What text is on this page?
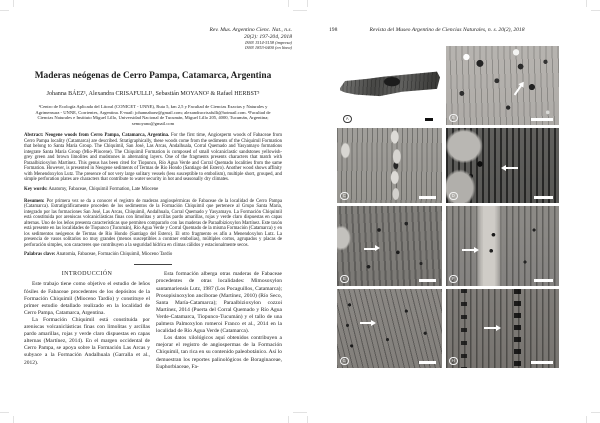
Rev. Mus. Argentino Cienc. Nat., n.s.
20(2): 197-204, 2018
ISSN 1514-5158 (impresa)
ISSN 1853-0400 (en línea)
Maderas neógenas de Cerro Pampa, Catamarca, Argentina
Johanna BÁEZ¹, Alexandra CRISAFULLI¹, Sebastián MOYANO² & Rafael HERBST³
¹Centro de Ecología Aplicada del Litoral (CONICET - UNNE), Ruta 5, km 2,5 y Facultad de Ciencias Exactas y Naturales y Agrimensura - UNNE, Corrientes, Argentina. E-mail: johannabaez@gmail.com; alexandracrisafulli@hotmail.com. ²Facultad de Ciencias Naturales e Instituto Miguel Lillo, Universidad Nacional de Tucumán, Miguel Lillo 205, 4000, Tucumán, Argentina; semoyano@gmail.com

Abstract: Neogene woods from Cerro Pampa, Catamarca, Argentina. For the first time, Angiosperm woods of Fabaceae from Cerro Pampa locality (Catamarca) are described. Stratigraphically, these woods come from the sediments of the Chiquimil Formation that belong to Santa María Group. The Chiquimil, San José, Las Arcas, Andalhuala, Corral Quemado and Yasyamayo formations integrate Santa María Group (Mio-Pliocene). The Chiquimil Formation is composed of small volcaniclastic sandstones yellowish-grey green and brown limolites and mudstones in alternating layers. One of the fragments presents characters that match with Paraalbizioxylon Martínez. This genus has been cited for Tiopunco, Río Agua Verde and Corral Quemado localities from the same Formation. However, is presented in Neogene sediments of Termas de Río Hondo (Santiago del Estero). Another wood shows affinity with Menendoxylon Lutz. The presence of not very large solitary vessels (less susceptible to embolism), multiple short, grouped, and simple perforation plates are characters that contribute to water security in hot and seasonally dry climates.

Key words: Anatomy, Fabaceae, Chiquimil Formation, Late Miocene

Resumen: Por primera vez se da a conocer el registro de maderas angiospérmicas de Fabaceae de la localidad de Cerro Pampa (Catamarca). Estratigráficamente proceden de los sedimentos de la Formación Chiquimil que pertenece al Grupo Santa María, integrado por las formaciones San José, Las Arcas, Chiquimil, Andalhuala, Corral Quemado y Yasyamayo. La Formación Chiquimil está constituida por areniscas volcaniclásticas finas con limolitas y arcillas pardo amarillas, rojas y verde claro dispuestas en capas alternas. Uno de los leños presenta características que permiten compararlo con las maderas de Paraalbizioxylon Martínez. Este taxón está presente en las localidades de Tiopunco (Tucumán), Río Agua Verde y Corral Quemado de la misma Formación (Catamarca) y en los sedimentos neógenos de Termas de Río Hondo (Santiago del Estero). El otro fragmento es afín a Menendoxylon Lutz. La presencia de vasos solitarios no muy grandes (menos susceptibles a contraer embolias), múltiples cortos, agrupados y placas de perforación simples, son caracteres que contribuyen a la seguridad hídrica en climas cálidos y estacionalmente secos.

Palabras clave: Anatomía, Fabaceae, Formación Chiquimil, Mioceno Tardío

INTRODUCCIÓN

Este trabajo tiene como objetivo el estudio de leños fósiles de Fabaceae procedentes de los depósitos de la Formación Chiquimil (Mioceno Tardío) y constituye el primer estudio detallado realizado en la localidad de Cerro Pampa, Catamarca, Argentina.

La Formación Chiquimil está constituida por areniscas volcaniclásticas finas con limolitas y arcillas pardo amarillas, rojas y verde claro dispuestas en capas alternas (Martínez, 2014). En el margen occidental de Cerro Pampa, se apoya sobre la Formación Las Arcas y subyace a la Formación Andalhuala (Garralla et al., 2012).

Esta formación alberga otras maderas de Fabaceae procedentes de otras localidades: Mimosoxylon santamariensis Lutz, 1987 (Los Pocaguillos, Catamarca); Prosopisinoxylon anciborae (Martínez, 2010) (Río Seco, Santa María-Catamarca); Paraalbizioxylon cozzoi Martínez, 2014 (Puerta del Corral Quemado y Río Agua Verde-Catamarca, Tiopunco-Tucumán) y el tallo de una palmera Palmoxylon romeroi Franco et al., 2014 en la localidad de Río Agua Verde (Catamarca).

Los datos xilológicos aquí obtenidos contribuyen a mejorar el registro de angiospermas de la Formación Chiquimil, tan rica en su contenido paleobotánico. Así lo demuestran los reportes palinológicos de Boraginaceae, Euphorbiaceae, Fa-

198	Revista del Museo Argentino de Ciencias Naturales, n. s. 20(2), 2018
A	B
C	D
E	F
G	H
